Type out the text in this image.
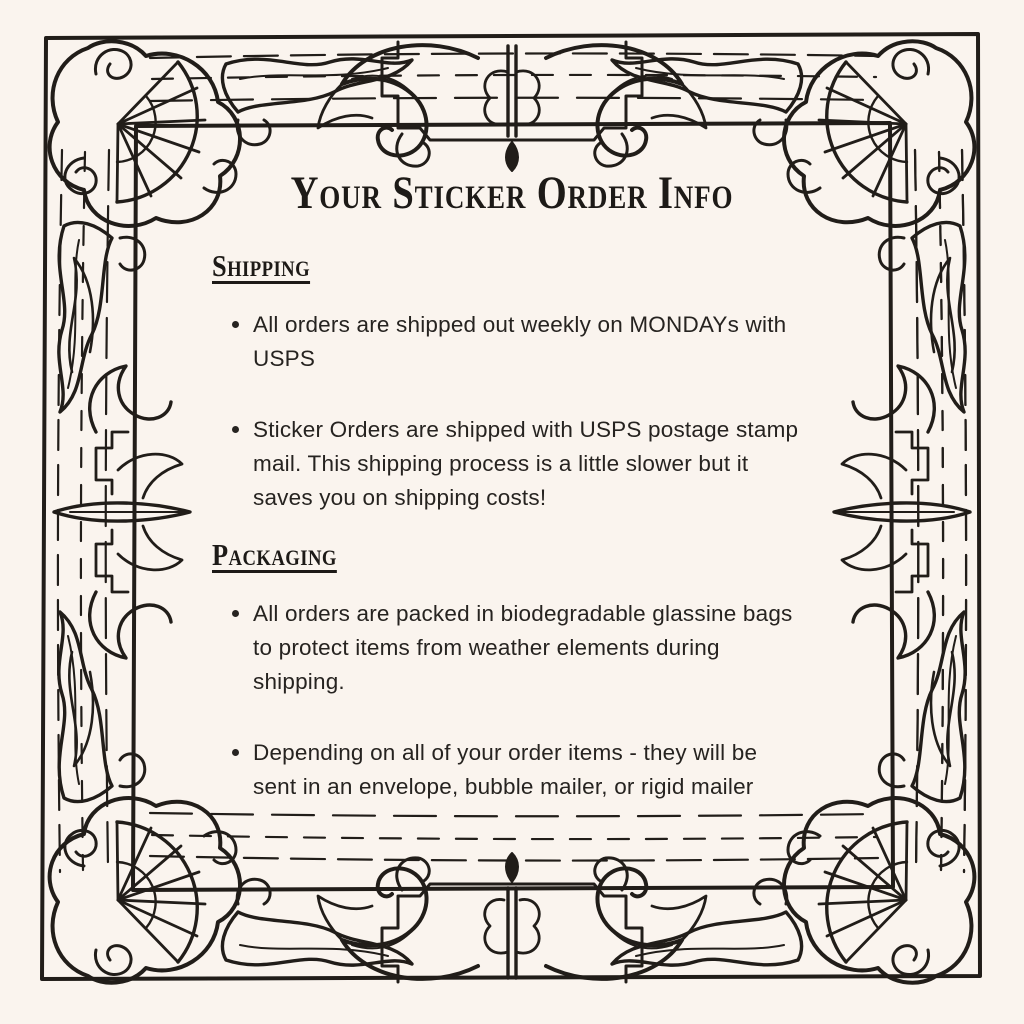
Your Sticker Order Info
Shipping
All orders are shipped out weekly on MONDAYs with
USPS
Sticker Orders are shipped with USPS postage stamp
mail. This shipping process is a little slower but it
saves you on shipping costs!
Packaging
All orders are packed in biodegradable glassine bags
to protect items from weather elements during
shipping.
Depending on all of your order items - they will be
sent in an envelope, bubble mailer, or rigid mailer
